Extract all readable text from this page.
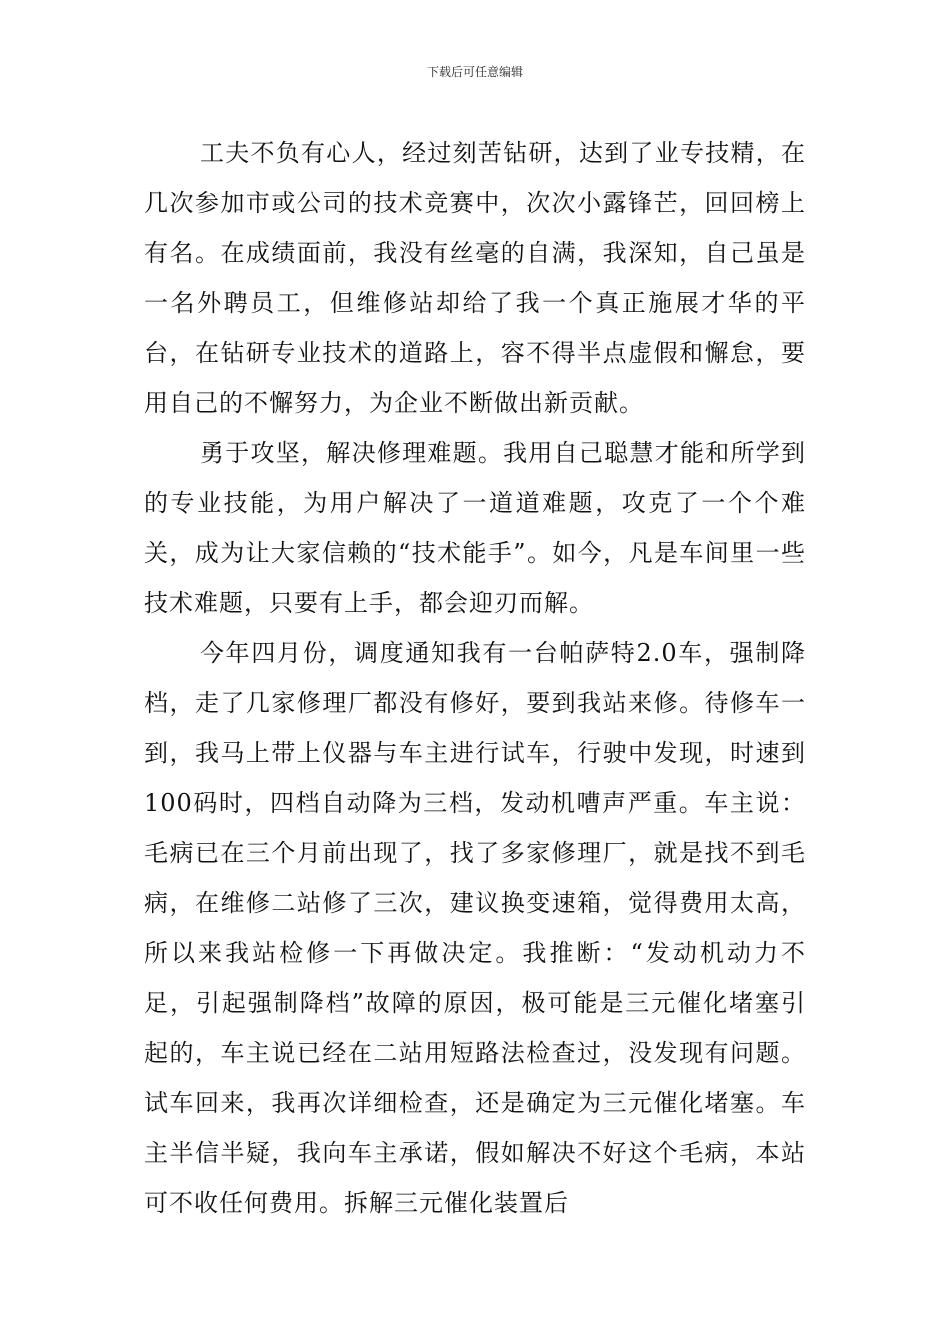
下载后可任意编辑

工夫不负有心人，经过刻苦钻研，达到了业专技精，在几次参加市或公司的技术竞赛中，次次小露锋芒，回回榜上有名。在成绩面前，我没有丝毫的自满，我深知，自己虽是一名外聘员工，但维修站却给了我一个真正施展才华的平台，在钻研专业技术的道路上，容不得半点虚假和懈怠，要用自己的不懈努力，为企业不断做出新贡献。

勇于攻坚，解决修理难题。我用自己聪慧才能和所学到的专业技能，为用户解决了一道道难题，攻克了一个个难关，成为让大家信赖的“技术能手”。如今，凡是车间里一些技术难题，只要有上手，都会迎刃而解。

今年四月份，调度通知我有一台帕萨特2.0车，强制降档，走了几家修理厂都没有修好，要到我站来修。待修车一到，我马上带上仪器与车主进行试车，行驶中发现，时速到100码时，四档自动降为三档，发动机嘈声严重。车主说：毛病已在三个月前出现了，找了多家修理厂，就是找不到毛病，在维修二站修了三次，建议换变速箱，觉得费用太高，所以来我站检修一下再做决定。我推断：“发动机动力不足，引起强制降档”故障的原因，极可能是三元催化堵塞引起的，车主说已经在二站用短路法检查过，没发现有问题。试车回来，我再次详细检查，还是确定为三元催化堵塞。车主半信半疑，我向车主承诺，假如解决不好这个毛病，本站可不收任何费用。拆解三元催化装置后
